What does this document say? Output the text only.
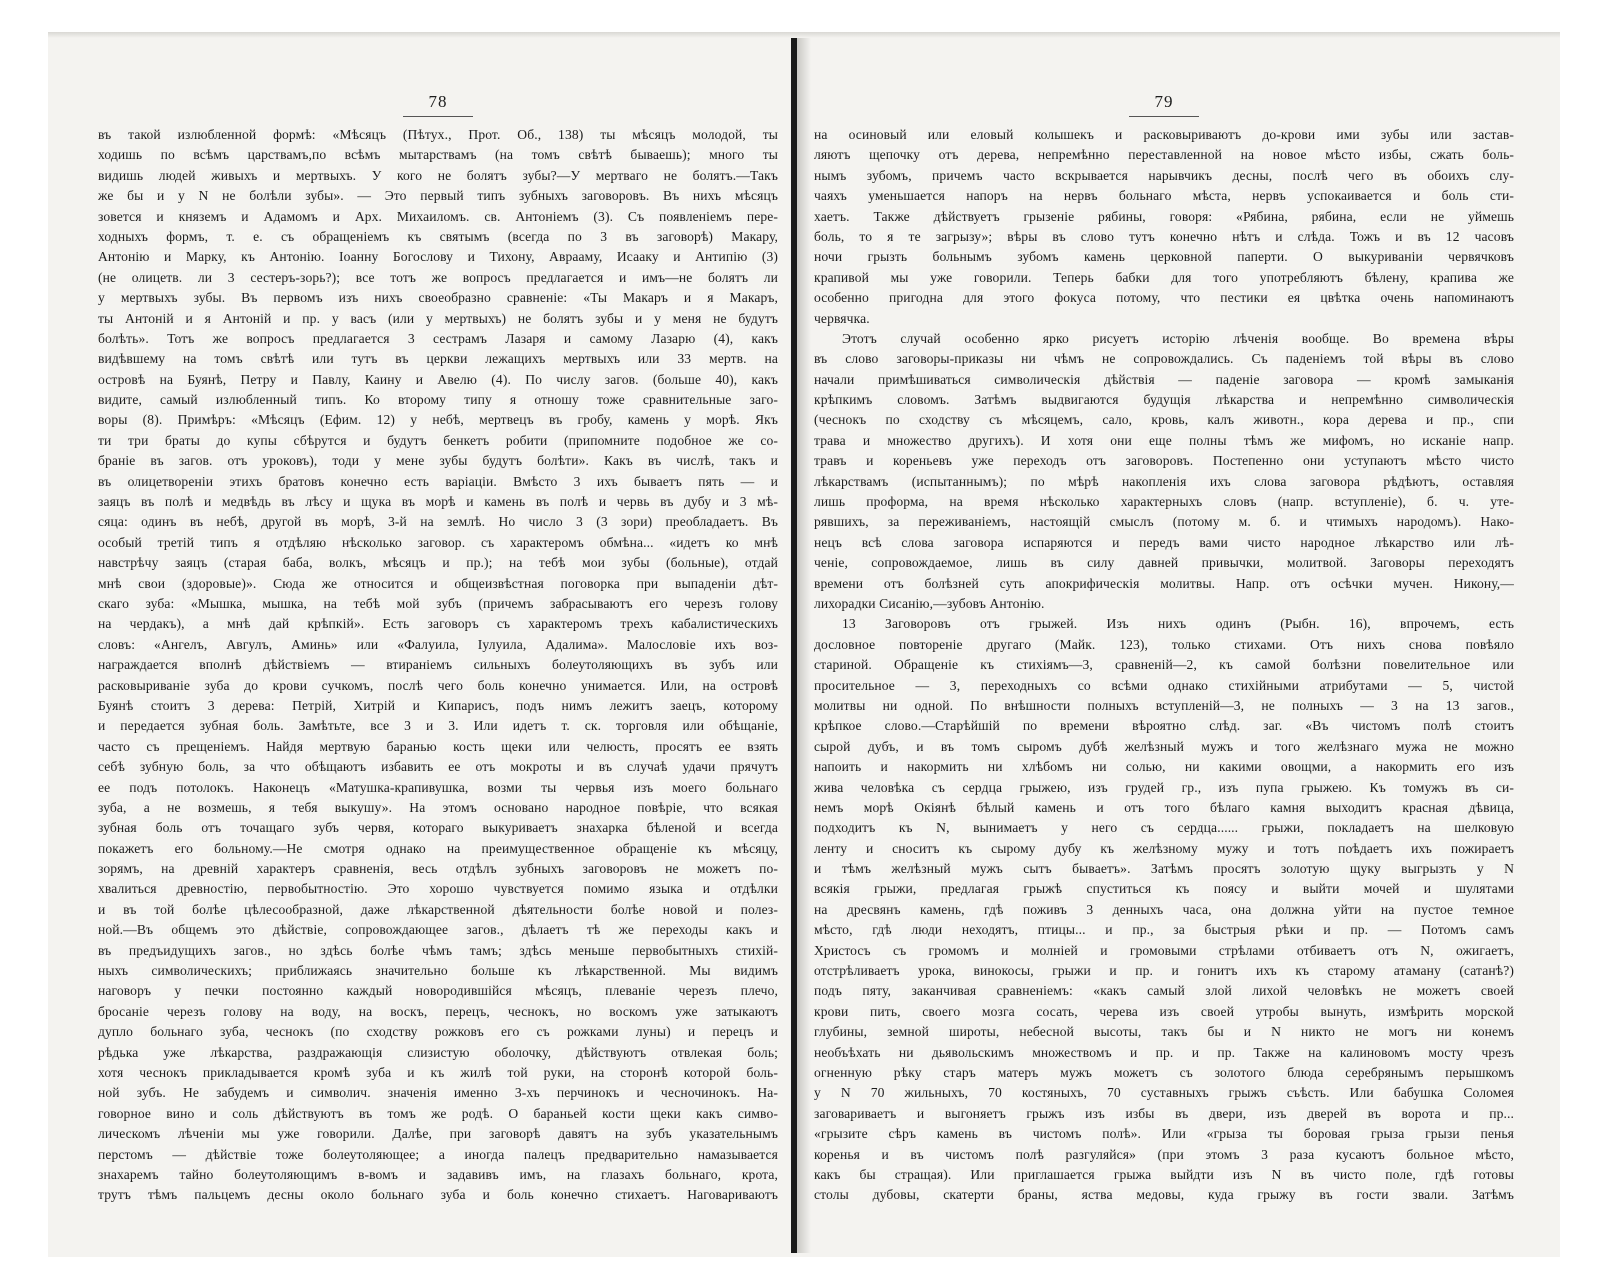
78
въ такой излюбленной формѣ: «Мѣсяцъ (Пѣтух., Прот. Об., 138) ты мѣсяцъ молодой, ты
ходишь по всѣмъ царствамъ,по всѣмъ мытарствамъ (на томъ свѣтѣ бываешь); много ты
видишь людей живыхъ и мертвыхъ. У кого не болятъ зубы?—У мертваго не болятъ.—Такъ
же бы и у N не болѣли зубы». — Это первый типъ зубныхъ заговоровъ. Въ нихъ мѣсяцъ
зовется и княземъ и Адамомъ и Арх. Михаиломъ. св. Антоніемъ (3). Съ появленіемъ пере-
ходныхъ формъ, т. е. съ обращеніемъ къ святымъ (всегда по 3 въ заговорѣ) Макару,
Антонію и Марку, къ Антонію. Іоанну Богослову и Тихону, Аврааму, Исааку и Антипію (3)
(не олицетв. ли 3 сестеръ-зорь?); все тотъ же вопросъ предлагается и имъ—не болятъ ли
у мертвыхъ зубы. Въ первомъ изъ нихъ своеобразно сравненіе: «Ты Макаръ и я Макаръ,
ты Антоній и я Антоній и пр. у васъ (или у мертвыхъ) не болятъ зубы и у меня не будутъ
болѣть». Тотъ же вопросъ предлагается 3 сестрамъ Лазаря и самому Лазарю (4), какъ
видѣвшему на томъ свѣтѣ или тутъ въ церкви лежащихъ мертвыхъ или 33 мертв. на
островѣ на Буянѣ, Петру и Павлу, Каину и Авелю (4). По числу загов. (больше 40), какъ
видите, самый излюбленный типъ. Ко второму типу я отношу тоже сравнительные заго-
воры (8). Примѣръ: «Мѣсяцъ (Ефим. 12) у небѣ, мертвецъ въ гробу, камень у морѣ. Якъ
ти три браты до купы сбѣрутся и будутъ бенкетъ робити (припомните подобное же со-
браніе въ загов. отъ уроковъ), тоди у мене зубы будутъ болѣти». Какъ въ числѣ, такъ и
въ олицетвореніи этихъ братовъ конечно есть варіаціи. Вмѣсто 3 ихъ бываетъ пять — и
заяцъ въ полѣ и медвѣдь въ лѣсу и щука въ морѣ и камень въ полѣ и червь въ дубу и 3 мѣ-
сяца: одинъ въ небѣ, другой въ морѣ, 3-й на землѣ. Но число 3 (3 зори) преобладаетъ. Въ
особый третій типъ я отдѣляю нѣсколько заговор. съ характеромъ обмѣна... «идетъ ко мнѣ
навстрѣчу заяцъ (старая баба, волкъ, мѣсяцъ и пр.); на тебѣ мои зубы (больные), отдай
мнѣ свои (здоровые)». Сюда же относится и общеизвѣстная поговорка при выпаденіи дѣт-
скаго зуба: «Мышка, мышка, на тебѣ мой зубъ (причемъ забрасываютъ его черезъ голову
на чердакъ), а мнѣ дай крѣпкій». Есть заговоръ съ характеромъ трехъ кабалистическихъ
словъ: «Ангелъ, Авгулъ, Аминь» или «Фалуила, Іулуила, Адалима». Малословіе ихъ воз-
награждается вполнѣ дѣйствіемъ — втираніемъ сильныхъ болеутоляющихъ въ зубъ или
расковыриваніе зуба до крови сучкомъ, послѣ чего боль конечно унимается. Или, на островѣ
Буянѣ стоитъ 3 дерева: Петрій, Хитрій и Кипарисъ, подъ нимъ лежитъ заецъ, которому
и передается зубная боль. Замѣтьте, все 3 и 3. Или идетъ т. ск. торговля или обѣщаніе,
часто съ прещеніемъ. Найдя мертвую баранью кость щеки или челюсть, просятъ ее взять
себѣ зубную боль, за что обѣщаютъ избавить ее отъ мокроты и въ случаѣ удачи прячутъ
ее подъ потолокъ. Наконецъ «Матушка-крапивушка, возми ты червья изъ моего больнаго
зуба, а не возмешь, я тебя выкушу». На этомъ основано народное повѣріе, что всякая
зубная боль отъ точащаго зубъ червя, котораго выкуриваетъ знахарка бѣленой и всегда
покажетъ его больному.—Не смотря однако на преимущественное обращеніе къ мѣсяцу,
зорямъ, на древній характеръ сравненія, весь отдѣлъ зубныхъ заговоровъ не можетъ по-
хвалиться древностію, первобытностію. Это хорошо чувствуется помимо языка и отдѣлки
и въ той болѣе цѣлесообразной, даже лѣкарственной дѣятельности болѣе новой и полез-
ной.—Въ общемъ это дѣйствіе, сопровождающее загов., дѣлаетъ тѣ же переходы какъ и
въ предъидущихъ загов., но здѣсь болѣе чѣмъ тамъ; здѣсь меньше первобытныхъ стихій-
ныхъ символическихъ; приближаясь значительно больше къ лѣкарственной. Мы видимъ
наговоръ у печки постоянно каждый новородившійся мѣсяцъ, плеваніе черезъ плечо,
бросаніе черезъ голову на воду, на воскъ, перецъ, чеснокъ, но воскомъ уже затыкаютъ
дупло больнаго зуба, чеснокъ (по сходству рожковъ его съ рожками луны) и перецъ и
рѣдька уже лѣкарства, раздражающія слизистую оболочку, дѣйствуютъ отвлекая боль;
хотя чеснокъ прикладывается кромѣ зуба и къ жилѣ той руки, на сторонѣ которой боль-
ной зубъ. Не забудемъ и символич. значенія именно 3-хъ перчинокъ и чесночинокъ. На-
говорное вино и соль дѣйствуютъ въ томъ же родѣ. О бараньей кости щеки какъ симво-
лическомъ лѣченіи мы уже говорили. Далѣе, при заговорѣ давятъ на зубъ указательнымъ
перстомъ — дѣйствіе тоже болеутоляющее; а иногда палецъ предварительно намазывается
знахаремъ тайно болеутоляющимъ в-вомъ и задавивъ имъ, на глазахъ больнаго, крота,
трутъ тѣмъ пальцемъ десны около больнаго зуба и боль конечно стихаетъ. Наговариваютъ
79
на осиновый или еловый колышекъ и расковыриваютъ до-крови ими зубы или застав-
ляютъ щепочку отъ дерева, непремѣнно переставленной на новое мѣсто избы, сжать боль-
нымъ зубомъ, причемъ часто вскрывается нарывчикъ десны, послѣ чего въ обоихъ слу-
чаяхъ уменьшается напоръ на нервъ больнаго мѣста, нервъ успокаивается и боль сти-
хаетъ. Также дѣйствуетъ грызеніе рябины, говоря: «Рябина, рябина, если не уймешь
боль, то я те загрызу»; вѣры въ слово тутъ конечно нѣтъ и слѣда. Тожъ и въ 12 часовъ
ночи грызть больнымъ зубомъ камень церковной паперти. О выкуриваніи червячковъ
крапивой мы уже говорили. Теперь бабки для того употребляютъ бѣлену, крапива же
особенно пригодна для этого фокуса потому, что пестики ея цвѣтка очень напоминаютъ
червячка.
Этотъ случай особенно ярко рисуетъ исторію лѣченія вообще. Во времена вѣры
въ слово заговоры-приказы ни чѣмъ не сопровождались. Съ паденіемъ той вѣры въ слово
начали примѣшиваться символическія дѣйствія — паденіе заговора — кромѣ замыканія
крѣпкимъ словомъ. Затѣмъ выдвигаются будущія лѣкарства и непремѣнно символическія
(чеснокъ по сходству съ мѣсяцемъ, сало, кровь, калъ животн., кора дерева и пр., спи
трава и множество другихъ). И хотя они еще полны тѣмъ же мифомъ, но исканіе напр.
травъ и кореньевъ уже переходъ отъ заговоровъ. Постепенно они уступаютъ мѣсто чисто
лѣкарствамъ (испытаннымъ); по мѣрѣ накопленія ихъ слова заговора рѣдѣютъ, оставляя
лишь проформа, на время нѣсколько характерныхъ словъ (напр. вступленіе), б. ч. уте-
рявшихъ, за переживаніемъ, настоящій смыслъ (потому м. б. и чтимыхъ народомъ). Нако-
нецъ всѣ слова заговора испаряются и передъ вами чисто народное лѣкарство или лѣ-
ченіе, сопровождаемое, лишь въ силу давней привычки, молитвой. Заговоры переходятъ
времени отъ болѣзней суть апокрифическія молитвы. Напр. отъ осѣчки мучен. Никону,—
лихорадки Сисанію,—зубовъ Антонію.
13 Заговоровъ отъ грыжей. Изъ нихъ одинъ (Рыбн. 16), впрочемъ, есть
дословное повтореніе другаго (Майк. 123), только стихами. Отъ нихъ снова повѣяло
стариной. Обращеніе къ стихіямъ—3, сравненій—2, къ самой болѣзни повелительное или
просительное — 3, переходныхъ со всѣми однако стихійными атрибутами — 5, чистой
молитвы ни одной. По внѣшности полныхъ вступленій—3, не полныхъ — 3 на 13 загов.,
крѣпкое слово.—Старѣйшій по времени вѣроятно слѣд. заг. «Въ чистомъ полѣ стоитъ
сырой дубъ, и въ томъ сыромъ дубѣ желѣзный мужъ и того желѣзнаго мужа не можно
напоить и накормить ни хлѣбомъ ни солью, ни какими овощми, а накормить его изъ
жива человѣка съ сердца грыжею, изъ грудей гр., изъ пупа грыжею. Къ томужъ въ си-
немъ морѣ Окіянѣ бѣлый камень и отъ того бѣлаго камня выходитъ красная дѣвица,
подходитъ къ N, вынимаетъ у него съ сердца...... грыжи, покладаетъ на шелковую
ленту и сноситъ къ сырому дубу къ желѣзному мужу и тотъ поѣдаетъ ихъ пожираетъ
и тѣмъ желѣзный мужъ сытъ бываетъ». Затѣмъ просятъ золотую щуку выгрызть у N
всякія грыжи, предлагая грыжѣ спуститься къ поясу и выйти мочей и шулятами
на дресвянъ камень, гдѣ поживъ 3 денныхъ часа, она должна уйти на пустое темное
мѣсто, гдѣ люди неходятъ, птицы... и пр., за быстрыя рѣки и пр. — Потомъ самъ
Христосъ съ громомъ и молніей и громовыми стрѣлами отбиваетъ отъ N, ожигаетъ,
отстрѣливаетъ урока, винокосы, грыжи и пр. и гонитъ ихъ къ старому атаману (сатанѣ?)
подъ пяту, заканчивая сравненіемъ: «какъ самый злой лихой человѣкъ не можетъ своей
крови пить, своего мозга сосать, черева изъ своей утробы вынуть, измѣрить морской
глубины, земной широты, небесной высоты, такъ бы и N никто не могъ ни конемъ
необъѣхать ни дьявольскимъ множествомъ и пр. и пр. Также на калиновомъ мосту чрезъ
огненную рѣку старъ матеръ мужъ можетъ съ золотого блюда серебрянымъ перышкомъ
у N 70 жильныхъ, 70 костяныхъ, 70 суставныхъ грыжъ съѣсть. Или бабушка Соломея
заговариваетъ и выгоняетъ грыжъ изъ избы въ двери, изъ дверей въ ворота и пр...
«грызите сѣръ камень въ чистомъ полѣ». Или «грыза ты боровая грыза грызи пенья
коренья и въ чистомъ полѣ разгуляйся» (при этомъ 3 раза кусаютъ больное мѣсто,
какъ бы стращая). Или приглашается грыжа выйдти изъ N въ чисто поле, гдѣ готовы
столы дубовы, скатерти браны, яства медовы, куда грыжу въ гости звали. Затѣмъ
